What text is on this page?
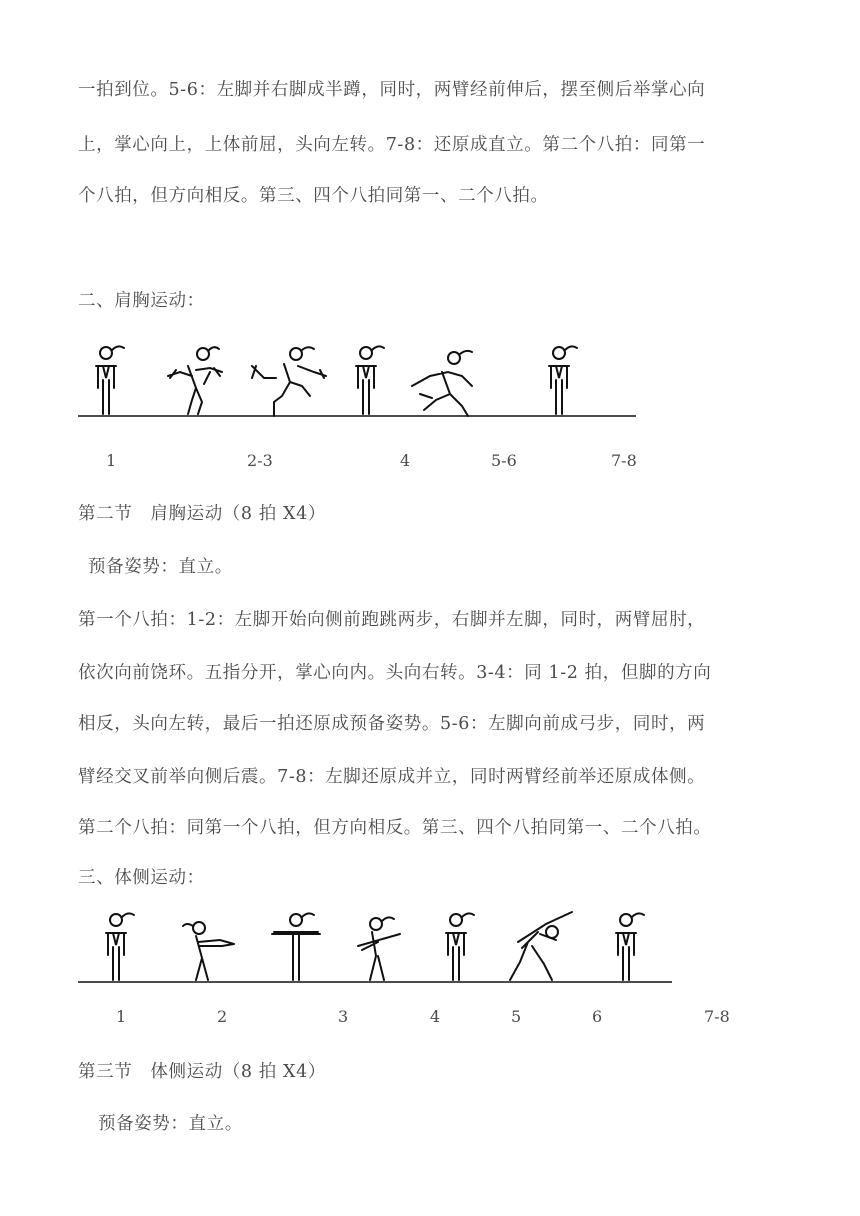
一拍到位。5-6：左脚并右脚成半蹲，同时，两臂经前伸后，摆至侧后举掌心向
上，掌心向上，上体前屈，头向左转。7-8：还原成直立。第二个八拍：同第一
个八拍，但方向相反。第三、四个八拍同第一、二个八拍。
二、肩胸运动：
1	2-3	4	5-6	7-8
第二节　肩胸运动（8 拍 X4）
预备姿势：直立。
第一个八拍：1-2：左脚开始向侧前跑跳两步，右脚并左脚，同时，两臂屈肘，
依次向前饶环。五指分开，掌心向内。头向右转。3-4：同 1-2 拍，但脚的方向
相反，头向左转，最后一拍还原成预备姿势。5-6：左脚向前成弓步，同时，两
臂经交叉前举向侧后震。7-8：左脚还原成并立，同时两臂经前举还原成体侧。
第二个八拍：同第一个八拍，但方向相反。第三、四个八拍同第一、二个八拍。
三、体侧运动：
1	2	3	4	5	6	7-8
第三节　体侧运动（8 拍 X4）
预备姿势：直立。
